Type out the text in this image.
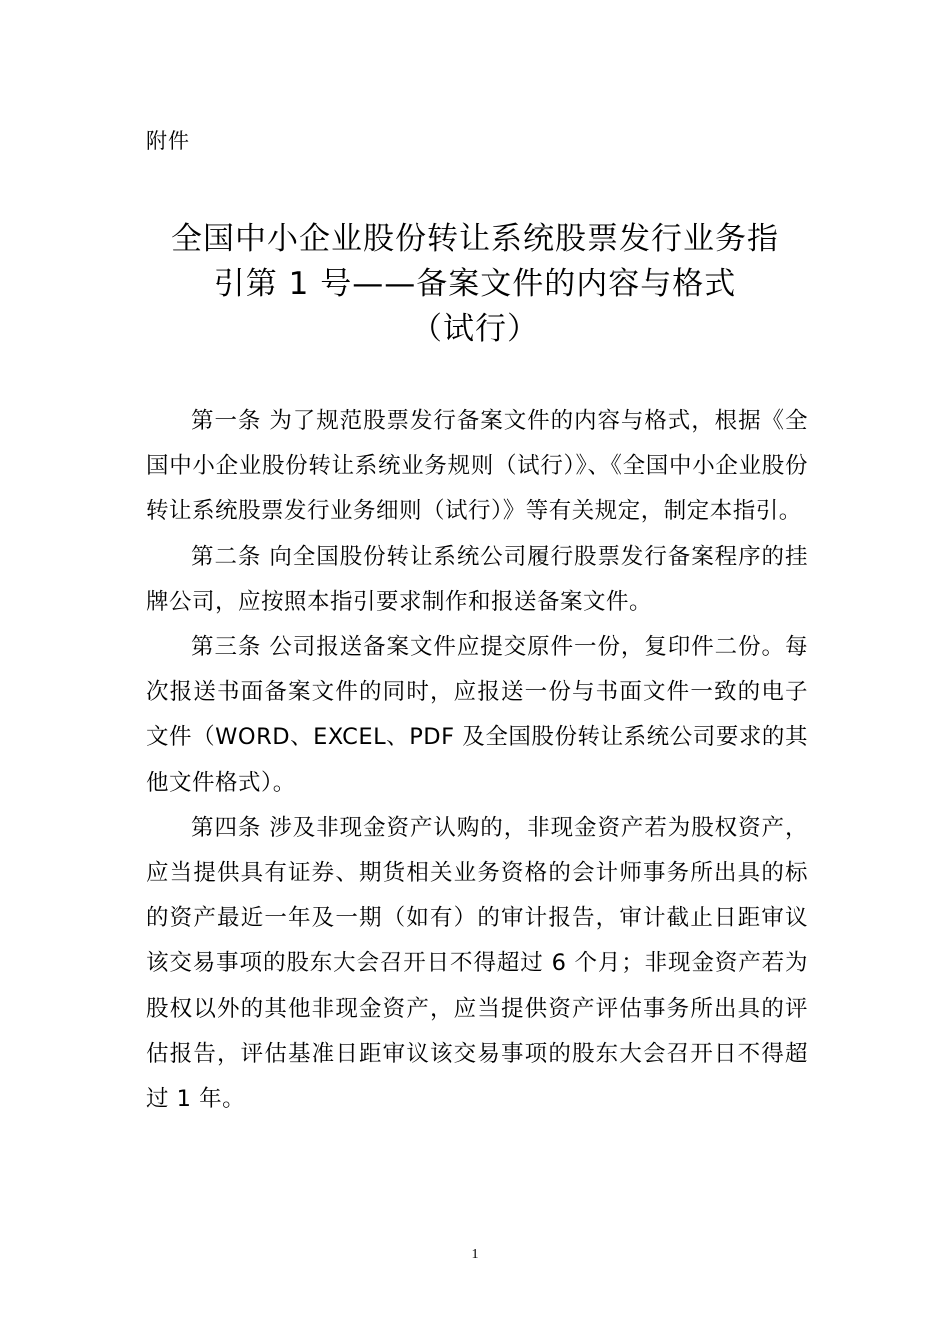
附件
全国中小企业股份转让系统股票发行业务指
引第 1 号——备案文件的内容与格式
（试行）

第一条 为了规范股票发行备案文件的内容与格式，根据《全国中小企业股份转让系统业务规则（试行）》、《全国中小企业股份转让系统股票发行业务细则（试行）》等有关规定，制定本指引。

第二条 向全国股份转让系统公司履行股票发行备案程序的挂牌公司，应按照本指引要求制作和报送备案文件。

第三条 公司报送备案文件应提交原件一份，复印件二份。每次报送书面备案文件的同时，应报送一份与书面文件一致的电子文件（WORD、EXCEL、PDF 及全国股份转让系统公司要求的其他文件格式）。

第四条 涉及非现金资产认购的，非现金资产若为股权资产，应当提供具有证券、期货相关业务资格的会计师事务所出具的标的资产最近一年及一期（如有）的审计报告，审计截止日距审议该交易事项的股东大会召开日不得超过 6 个月；非现金资产若为股权以外的其他非现金资产，应当提供资产评估事务所出具的评估报告，评估基准日距审议该交易事项的股东大会召开日不得超过 1 年。

1
